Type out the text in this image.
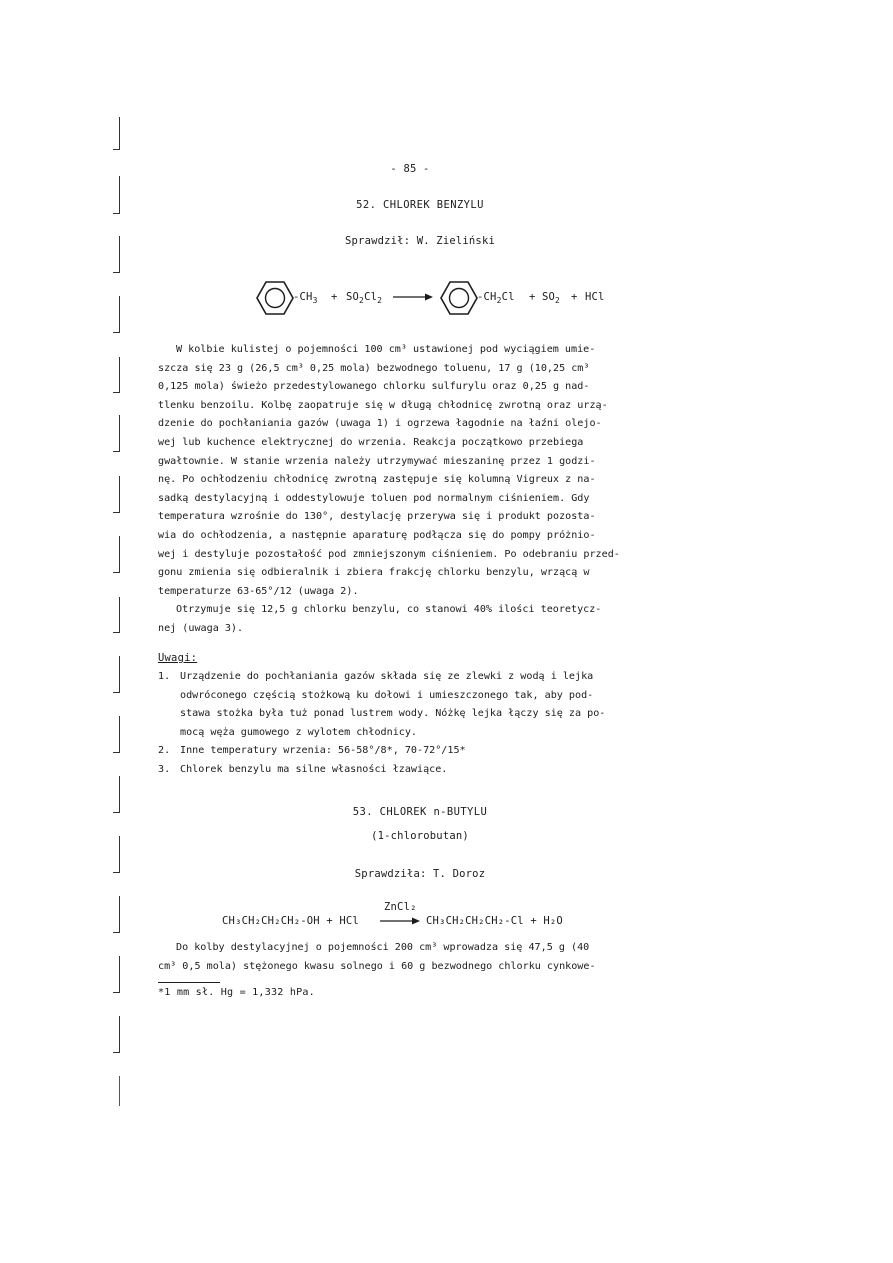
- 85 -
52. CHLOREK BENZYLU
Sprawdził: W. Zieliński
$-CH_3 + SO_2Cl_2$ →	$-CH_2Cl + SO_2$ + HCl
W kolbie kulistej o pojemności 100 cm³ ustawionej pod wyciągiem umie-
szcza się 23 g (26,5 cm³ 0,25 mola) bezwodnego toluenu, 17 g (10,25 cm³
0,125 mola) świeżo przedestylowanego chlorku sulfurylu oraz 0,25 g nad-
tlenku benzoilu. Kolbę zaopatruje się w długą chłodnicę zwrotną oraz urzą-
dzenie do pochłaniania gazów (uwaga 1) i ogrzewa łagodnie na łaźni olejo-
wej lub kuchence elektrycznej do wrzenia. Reakcja początkowo przebiega
gwałtownie. W stanie wrzenia należy utrzymywać mieszaninę przez 1 godzi-
nę. Po ochłodzeniu chłodnicę zwrotną zastępuje się kolumną Vigreux z na-
sadką destylacyjną i oddestylowuje toluen pod normalnym ciśnieniem. Gdy
temperatura wzrośnie do 130°, destylację przerywa się i produkt pozosta-
wia do ochłodzenia, a następnie aparaturę podłącza się do pompy próżnio-
wej i destyluje pozostałość pod zmniejszonym ciśnieniem. Po odebraniu przed-
gonu zmienia się odbieralnik i zbiera frakcję chlorku benzylu, wrzącą w
temperaturze 63-65°/12 (uwaga 2).
Otrzymuje się 12,5 g chlorku benzylu, co stanowi 40% ilości teoretycz-
nej (uwaga 3).
Uwagi:
1. Urządzenie do pochłaniania gazów składa się ze zlewki z wodą i lejka
odwróconego częścią stożkową ku dołowi i umieszczonego tak, aby pod-
stawa stożka była tuż ponad lustrem wody. Nóżkę lejka łączy się za po-
mocą węża gumowego z wylotem chłodnicy.
2. Inne temperatury wrzenia: 56-58°/8*, 70-72°/15*
3. Chlorek benzylu ma silne własności łzawiące.
53. CHLOREK n-BUTYLU
(1-chlorobutan)
Sprawdziła: T. Doroz
CH₃CH₂CH₂CH₂-OH + HCl
ZnCl₂
→ CH₃CH₂CH₂CH₂-Cl + H₂O
Do kolby destylacyjnej o pojemności 200 cm³ wprowadza się 47,5 g (40
cm³ 0,5 mola) stężonego kwasu solnego i 60 g bezwodnego chlorku cynkowe-
*1 mm sł. Hg = 1,332 hPa.
